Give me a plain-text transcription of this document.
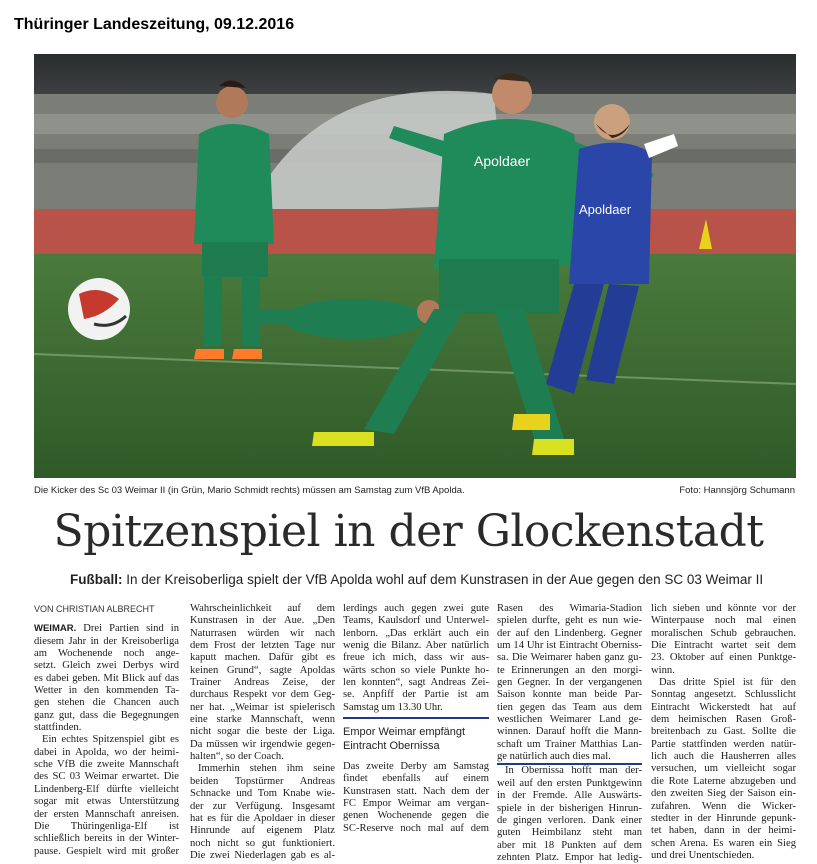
Thüringer Landeszeitung, 09.12.2016
Apoldaer
Apoldaer
Die Kicker des Sc 03 Weimar II (in Grün, Mario Schmidt rechts) müssen am Samstag zum VfB Apolda.	Foto: Hannsjörg Schumann
Spitzenspiel in der Glockenstadt
Fußball: In der Kreisoberliga spielt der VfB Apolda wohl auf dem Kunstrasen in der Aue gegen den SC 03 Weimar II
VON CHRISTIAN ALBRECHT

WEIMAR. Drei Partien sind in
diesem Jahr in der Kreisoberliga
am Wochenende noch ange-
setzt. Gleich zwei Derbys wird
es dabei geben. Mit Blick auf das
Wetter in den kommenden Ta-
gen stehen die Chancen auch
ganz gut, dass die Begegnungen
stattfinden.
Ein echtes Spitzenspiel gibt es
dabei in Apolda, wo der heimi-
sche VfB die zweite Mannschaft
des SC 03 Weimar erwartet. Die
Lindenberg-Elf dürfte vielleicht
sogar mit etwas Unterstützung
der ersten Mannschaft anreisen.
Die Thüringenliga-Elf ist
schließlich bereits in der Winter-
pause. Gespielt wird mit großer

Wahrscheinlichkeit auf dem
Kunstrasen in der Aue. „Den
Naturrasen würden wir nach
dem Frost der letzten Tage nur
kaputt machen. Dafür gibt es
keinen Grund“, sagte Apoldas
Trainer Andreas Zeise, der
durchaus Respekt vor dem Geg-
ner hat. „Weimar ist spielerisch
eine starke Mannschaft, wenn
nicht sogar die beste der Liga.
Da müssen wir irgendwie gegen-
halten“, so der Coach.
Immerhin stehen ihm seine
beiden Topstürmer Andreas
Schnacke und Tom Knabe wie-
der zur Verfügung. Insgesamt
hat es für die Apoldaer in dieser
Hinrunde auf eigenem Platz
noch nicht so gut funktioniert.
Die zwei Niederlagen gab es al-

lerdings auch gegen zwei gute
Teams, Kaulsdorf und Unterwel-
lenborn. „Das erklärt auch ein
wenig die Bilanz. Aber natürlich
freue ich mich, dass wir aus-
wärts schon so viele Punkte ho-
len konnten“, sagt Andreas Zei-
se. Anpfiff der Partie ist am
Samstag um 13.30 Uhr.

Empor Weimar empfängt
Eintracht Obernissa

Das zweite Derby am Samstag
findet ebenfalls auf einem
Kunstrasen statt. Nach dem der
FC Empor Weimar am vergan-
genen Wochenende gegen die
SC-Reserve noch mal auf dem

Rasen des Wimaria-Stadion
spielen durfte, geht es nun wie-
der auf den Lindenberg. Gegner
um 14 Uhr ist Eintracht Oberniss-
sa. Die Weimarer haben ganz gu-
te Erinnerungen an den morgi-
gen Gegner. In der vergangenen
Saison konnte man beide Par-
tien gegen das Team aus dem
westlichen Weimarer Land ge-
winnen. Darauf hofft die Mann-
schaft um Trainer Matthias Lan-
ge natürlich auch dies mal.
In Obernissa hofft man der-
weil auf den ersten Punktgewinn
in der Fremde. Alle Auswärts-
spiele in der bisherigen Hinrun-
de gingen verloren. Dank einer
guten Heimbilanz steht man
aber mit 18 Punkten auf dem
zehnten Platz. Empor hat ledig-

lich sieben und könnte vor der
Winterpause noch mal einen
moralischen Schub gebrauchen.
Die Eintracht wartet seit dem
23. Oktober auf einen Punktge-
winn.
Das dritte Spiel ist für den
Sonntag angesetzt. Schlusslicht
Eintracht Wickerstedt hat auf
dem heimischen Rasen Groß-
breitenbach zu Gast. Sollte die
Partie stattfinden werden natür-
lich auch die Hausherren alles
versuchen, um vielleicht sogar
die Rote Laterne abzugeben und
den zweiten Sieg der Saison ein-
zufahren. Wenn die Wicker-
stedter in der Hinrunde gepunk-
tet haben, dann in der heimi-
schen Arena. Es waren ein Sieg
und drei Unentschieden.
